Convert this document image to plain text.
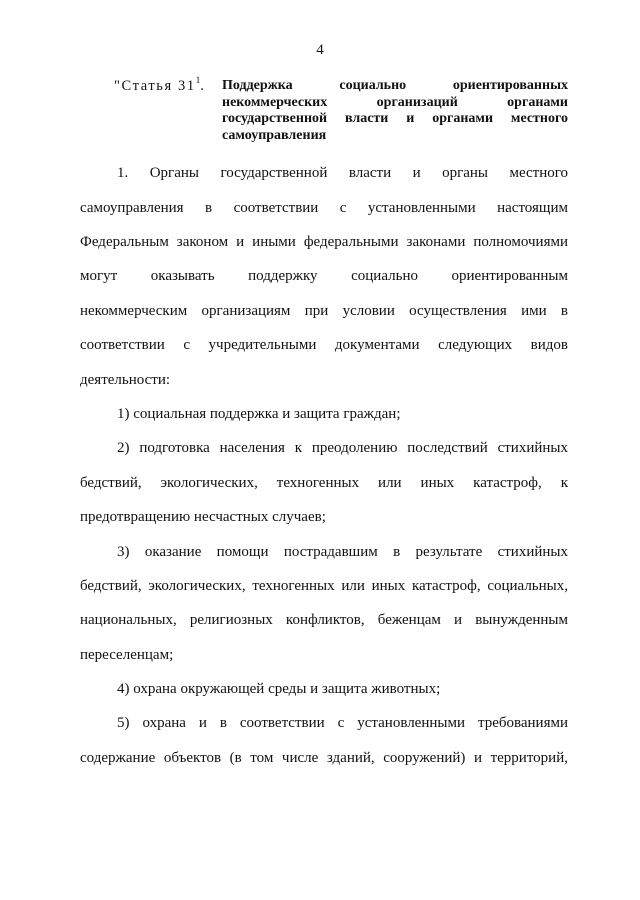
4
"Статья $31^1$. Поддержка социально ориентированных
некоммерческих организаций органами
государственной власти и органами местного
самоуправления
1. Органы государственной власти и органы местного
самоуправления в соответствии с установленными настоящим
Федеральным законом и иными федеральными законами полномочиями
могут оказывать поддержку социально ориентированным
некоммерческим организациям при условии осуществления ими в
соответствии с учредительными документами следующих видов
деятельности:
1) социальная поддержка и защита граждан;
2) подготовка населения к преодолению последствий стихийных
бедствий, экологических, техногенных или иных катастроф, к
предотвращению несчастных случаев;
3) оказание помощи пострадавшим в результате стихийных
бедствий, экологических, техногенных или иных катастроф, социальных,
национальных, религиозных конфликтов, беженцам и вынужденным
переселенцам;
4) охрана окружающей среды и защита животных;
5) охрана и в соответствии с установленными требованиями
содержание объектов (в том числе зданий, сооружений) и территорий,
